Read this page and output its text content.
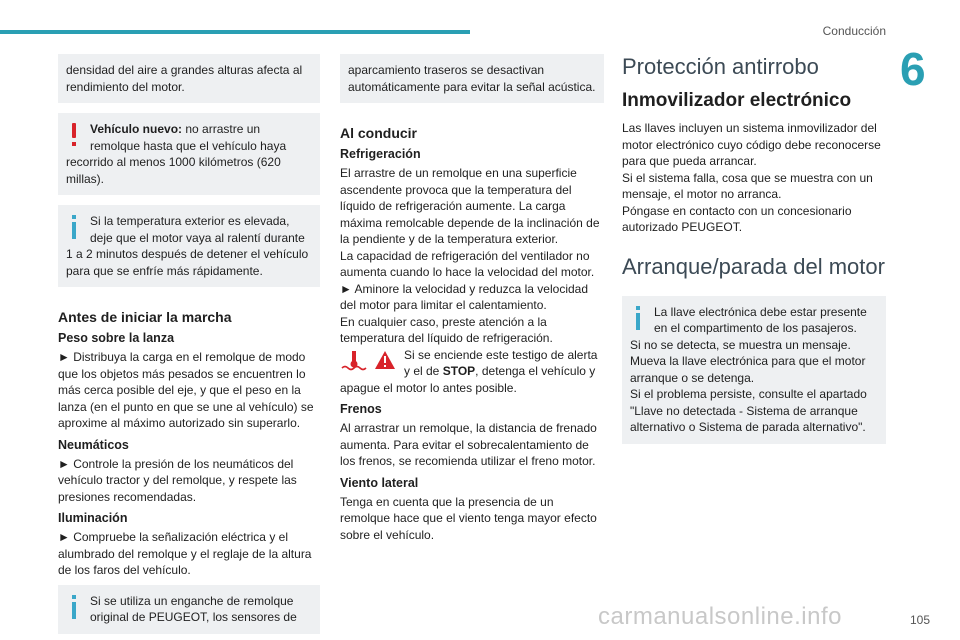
Conducción
6
densidad del aire a grandes alturas afecta al rendimiento del motor.
Vehículo nuevo: no arrastre un remolque hasta que el vehículo haya recorrido al menos 1000 kilómetros (620 millas).
Si la temperatura exterior es elevada, deje que el motor vaya al ralentí durante 1 a 2 minutos después de detener el vehículo para que se enfríe más rápidamente.
Antes de iniciar la marcha
Peso sobre la lanza

► Distribuya la carga en el remolque de modo que los objetos más pesados se encuentren lo más cerca posible del eje, y que el peso en la lanza (en el punto en que se une al vehículo) se aproxime al máximo autorizado sin superarlo.

Neumáticos

► Controle la presión de los neumáticos del vehículo tractor y del remolque, y respete las presiones recomendadas.

Iluminación

► Compruebe la señalización eléctrica y el alumbrado del remolque y el reglaje de la altura de los faros del vehículo.

Si se utiliza un enganche de remolque original de PEUGEOT, los sensores de
aparcamiento traseros se desactivan automáticamente para evitar la señal acústica.
Al conducir
Refrigeración

El arrastre de un remolque en una superficie ascendente provoca que la temperatura del líquido de refrigeración aumente. La carga máxima remolcable depende de la inclinación de la pendiente y de la temperatura exterior.

La capacidad de refrigeración del ventilador no aumenta cuando lo hace la velocidad del motor.

► Aminore la velocidad y reduzca la velocidad del motor para limitar el calentamiento.

En cualquier caso, preste atención a la temperatura del líquido de refrigeración.

Si se enciende este testigo de alerta y el de STOP, detenga el vehículo y apague el motor lo antes posible.

Frenos

Al arrastrar un remolque, la distancia de frenado aumenta. Para evitar el sobrecalentamiento de los frenos, se recomienda utilizar el freno motor.

Viento lateral

Tenga en cuenta que la presencia de un remolque hace que el viento tenga mayor efecto sobre el vehículo.

Protección antirrobo
Inmovilizador electrónico

Las llaves incluyen un sistema inmovilizador del motor electrónico cuyo código debe reconocerse para que pueda arrancar.

Si el sistema falla, cosa que se muestra con un mensaje, el motor no arranca.

Póngase en contacto con un concesionario autorizado PEUGEOT.

Arranque/parada del motor
La llave electrónica debe estar presente en el compartimento de los pasajeros.
Si no se detecta, se muestra un mensaje.
Mueva la llave electrónica para que el motor arranque o se detenga.
Si el problema persiste, consulte el apartado "Llave no detectada - Sistema de arranque alternativo o Sistema de parada alternativo".
carmanualsonline.info	105
